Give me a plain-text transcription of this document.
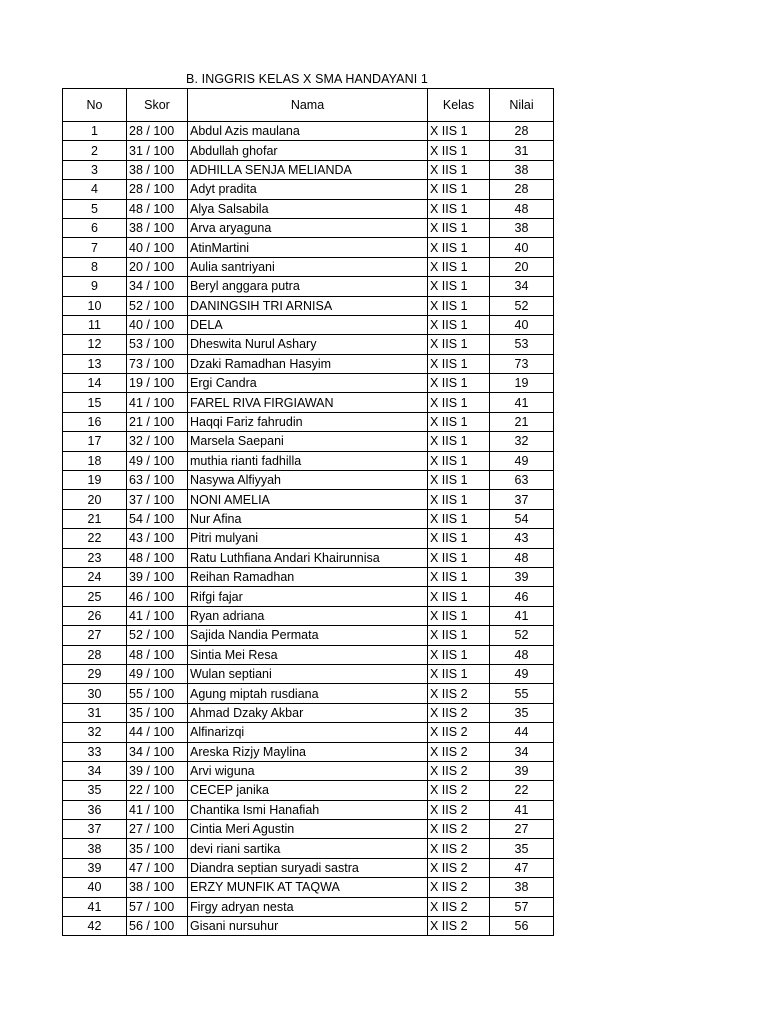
B. INGGRIS KELAS X SMA HANDAYANI 1
No	Skor	Nama	Kelas	Nilai
1	28 / 100	Abdul Azis maulana	X IIS 1	28
2	31 / 100	Abdullah ghofar	X IIS 1	31
3	38 / 100	ADHILLA SENJA MELIANDA	X IIS 1	38
4	28 / 100	Adyt pradita	X IIS 1	28
5	48 / 100	Alya Salsabila	X IIS 1	48
6	38 / 100	Arva aryaguna	X IIS 1	38
7	40 / 100	AtinMartini	X IIS 1	40
8	20 / 100	Aulia santriyani	X IIS 1	20
9	34 / 100	Beryl anggara putra	X IIS 1	34
10	52 / 100	DANINGSIH TRI ARNISA	X IIS 1	52
11	40 / 100	DELA	X IIS 1	40
12	53 / 100	Dheswita Nurul Ashary	X IIS 1	53
13	73 / 100	Dzaki Ramadhan Hasyim	X IIS 1	73
14	19 / 100	Ergi Candra	X IIS 1	19
15	41 / 100	FAREL RIVA FIRGIAWAN	X IIS 1	41
16	21 / 100	Haqqi Fariz fahrudin	X IIS 1	21
17	32 / 100	Marsela Saepani	X IIS 1	32
18	49 / 100	muthia rianti fadhilla	X IIS 1	49
19	63 / 100	Nasywa Alfiyyah	X IIS 1	63
20	37 / 100	NONI AMELIA	X IIS 1	37
21	54 / 100	Nur Afina	X IIS 1	54
22	43 / 100	Pitri mulyani	X IIS 1	43
23	48 / 100	Ratu Luthfiana Andari Khairunnisa	X IIS 1	48
24	39 / 100	Reihan Ramadhan	X IIS 1	39
25	46 / 100	Rifgi fajar	X IIS 1	46
26	41 / 100	Ryan adriana	X IIS 1	41
27	52 / 100	Sajida Nandia Permata	X IIS 1	52
28	48 / 100	Sintia Mei Resa	X IIS 1	48
29	49 / 100	Wulan septiani	X IIS 1	49
30	55 / 100	Agung miptah rusdiana	X IIS 2	55
31	35 / 100	Ahmad Dzaky Akbar	X IIS 2	35
32	44 / 100	Alfinarizqi	X IIS 2	44
33	34 / 100	Areska Rizjy Maylina	X IIS 2	34
34	39 / 100	Arvi wiguna	X IIS 2	39
35	22 / 100	CECEP janika	X IIS 2	22
36	41 / 100	Chantika Ismi Hanafiah	X IIS 2	41
37	27 / 100	Cintia Meri Agustin	X IIS 2	27
38	35 / 100	devi riani sartika	X IIS 2	35
39	47 / 100	Diandra septian suryadi sastra	X IIS 2	47
40	38 / 100	ERZY MUNFIK AT TAQWA	X IIS 2	38
41	57 / 100	Firgy adryan nesta	X IIS 2	57
42	56 / 100	Gisani nursuhur	X IIS 2	56
